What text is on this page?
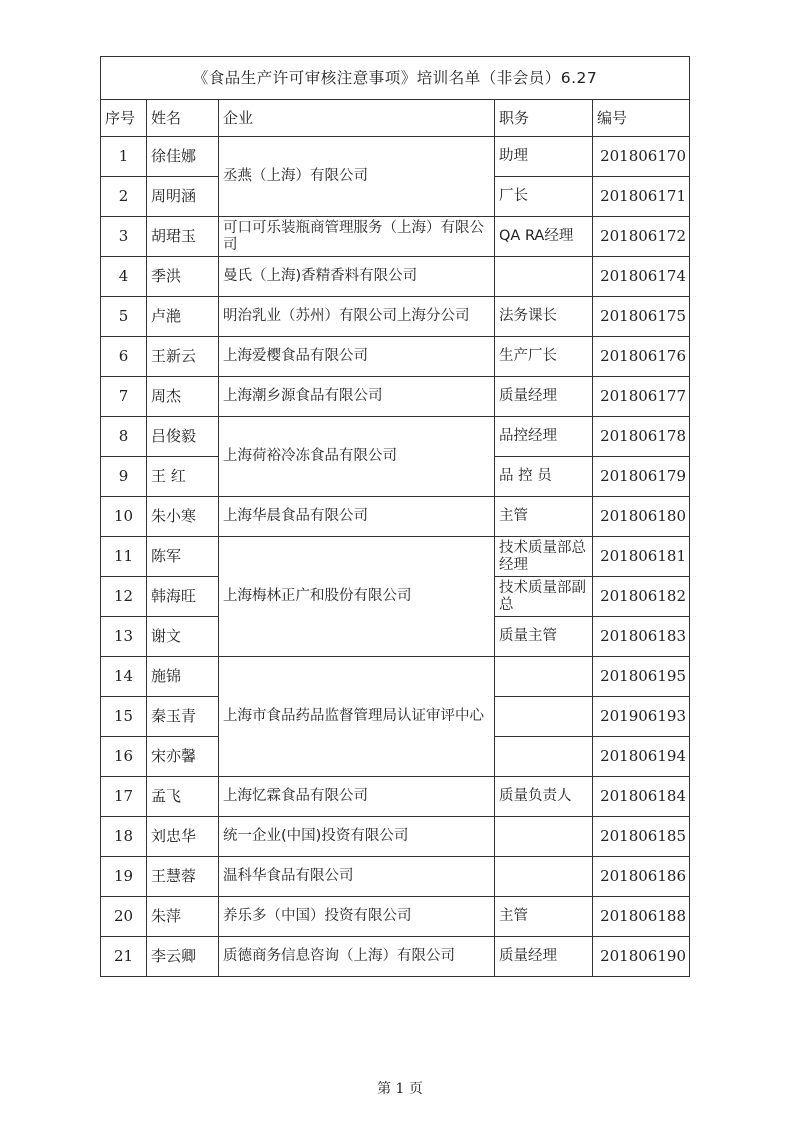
《食品生产许可审核注意事项》培训名单（非会员）6.27				
序号	姓名	企业	职务	编号
1	徐佳娜	丞燕（上海）有限公司	助理	201806170
2	周明涵		厂长	201806171
3	胡珺玉	可口可乐装瓶商管理服务（上海）有限公司	QA RA经理	201806172
4	季洪	曼氏（上海)香精香料有限公司		201806174
5	卢滟	明治乳业（苏州）有限公司上海分公司	法务课长	201806175
6	王新云	上海爱樱食品有限公司	生产厂长	201806176
7	周杰	上海潮乡源食品有限公司	质量经理	201806177
8	吕俊毅	上海荷裕冷冻食品有限公司	品控经理	201806178
9	王 红		品 控 员	201806179
10	朱小寒	上海华晨食品有限公司	主管	201806180
11	陈军	上海梅林正广和股份有限公司	技术质量部总经理	201806181
12	韩海旺		技术质量部副总	201806182
13	谢文		质量主管	201806183
14	施锦	上海市食品药品监督管理局认证审评中心		201806195
15	秦玉青			201906193
16	宋亦馨			201806194
17	孟飞	上海忆霖食品有限公司	质量负责人	201806184
18	刘忠华	统一企业(中国)投资有限公司		201806185
19	王慧蓉	温科华食品有限公司		201806186
20	朱萍	养乐多（中国）投资有限公司	主管	201806188
21	李云卿	质德商务信息咨询（上海）有限公司	质量经理	201806190
第 1 页
